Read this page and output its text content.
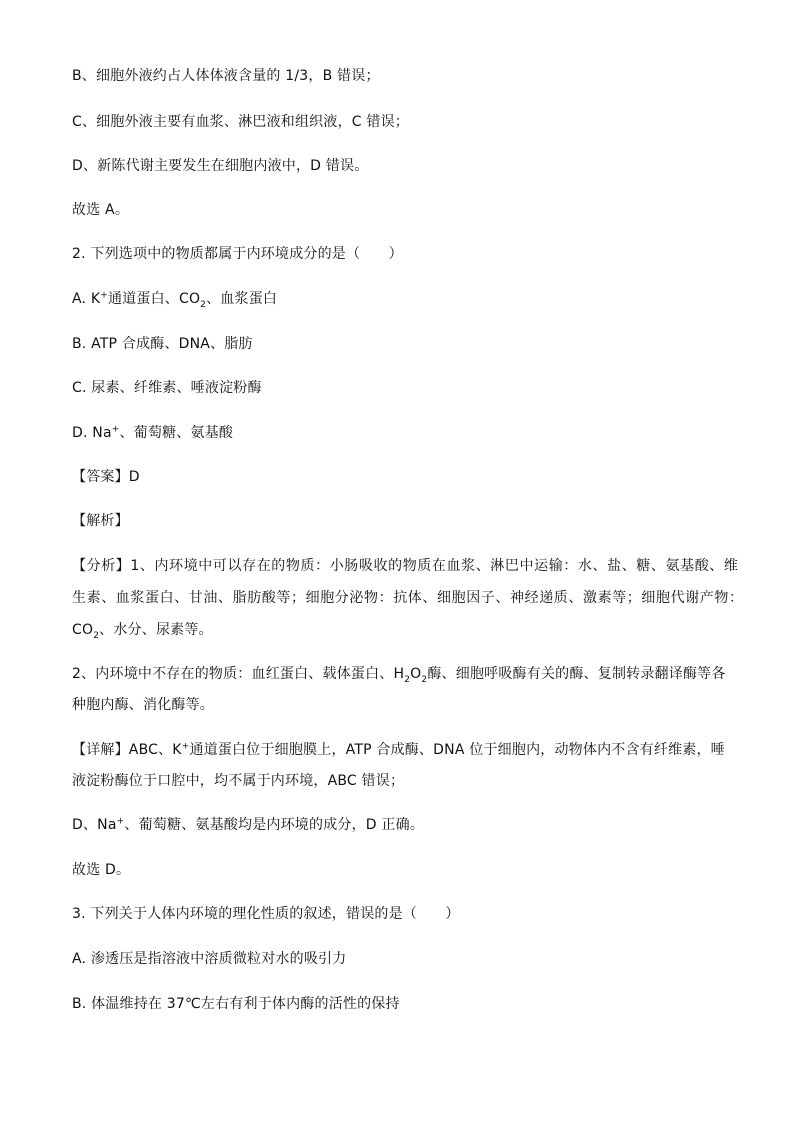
B、细胞外液约占人体体液含量的 1/3，B 错误；

C、细胞外液主要有血浆、淋巴液和组织液，C 错误；

D、新陈代谢主要发生在细胞内液中，D 错误。

故选 A。

2. 下列选项中的物质都属于内环境成分的是（　　）

A. K+通道蛋白、$CO_2$、血浆蛋白

B. ATP 合成酶、DNA、脂肪

C. 尿素、纤维素、唾液淀粉酶

D. Na+、葡萄糖、氨基酸

【答案】D

【解析】

【分析】1、内环境中可以存在的物质：小肠吸收的物质在血浆、淋巴中运输：水、盐、糖、氨基酸、维

生素、血浆蛋白、甘油、脂肪酸等；细胞分泌物：抗体、细胞因子、神经递质、激素等；细胞代谢产物：

$CO_2$、水分、尿素等。

2、内环境中不存在的物质：血红蛋白、载体蛋白、$H_2O_2$酶、细胞呼吸酶有关的酶、复制转录翻译酶等各

种胞内酶、消化酶等。

【详解】ABC、K+通道蛋白位于细胞膜上，ATP 合成酶、DNA 位于细胞内，动物体内不含有纤维素，唾

液淀粉酶位于口腔中，均不属于内环境，ABC 错误；

D、Na+、葡萄糖、氨基酸均是内环境的成分，D 正确。

故选 D。

3. 下列关于人体内环境的理化性质的叙述，错误的是（　　）

A. 渗透压是指溶液中溶质微粒对水的吸引力

B. 体温维持在 37℃左右有利于体内酶的活性的保持
